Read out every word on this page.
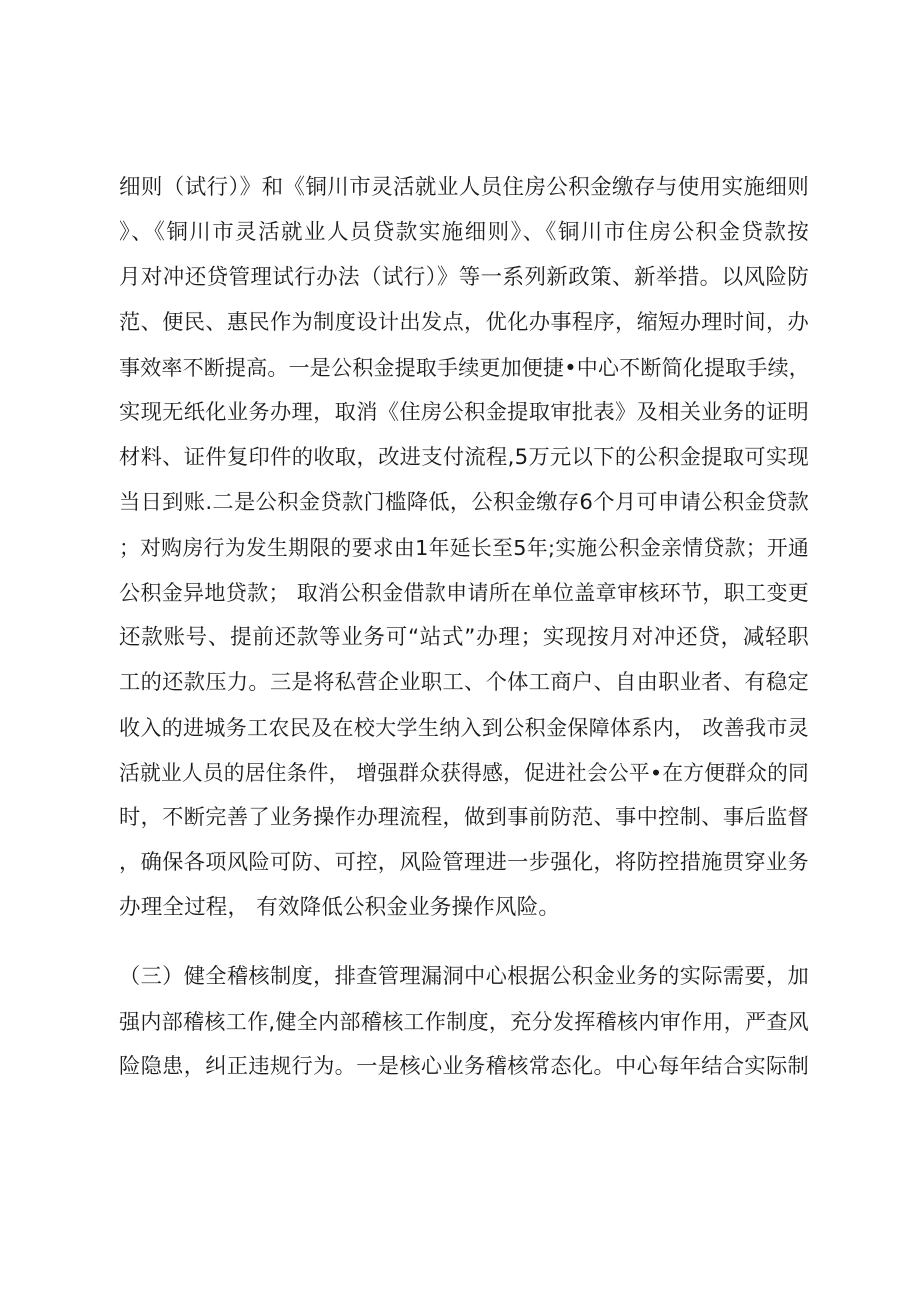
细则（试行）》和《铜川市灵活就业人员住房公积金缴存与使用实施细则
》、《铜川市灵活就业人员贷款实施细则》、《铜川市住房公积金贷款按
月对冲还贷管理试行办法（试行）》等一系列新政策、新举措。以风险防
范、便民、惠民作为制度设计出发点，优化办事程序，缩短办理时间，办
事效率不断提高。一是公积金提取手续更加便捷•中心不断简化提取手续，
实现无纸化业务办理，取消《住房公积金提取审批表》及相关业务的证明
材料、证件复印件的收取，改进支付流程,5万元以下的公积金提取可实现
当日到账.二是公积金贷款门槛降低，公积金缴存6个月可申请公积金贷款
；对购房行为发生期限的要求由1年延长至5年;实施公积金亲情贷款；开通
公积金异地贷款； 取消公积金借款申请所在单位盖章审核环节，职工变更
还款账号、提前还款等业务可“站式”办理；实现按月对冲还贷，减轻职
工的还款压力。三是将私营企业职工、个体工商户、自由职业者、有稳定
收入的进城务工农民及在校大学生纳入到公积金保障体系内， 改善我市灵
活就业人员的居住条件， 增强群众获得感，促进社会公平•在方便群众的同
时，不断完善了业务操作办理流程，做到事前防范、事中控制、事后监督
，确保各项风险可防、可控，风险管理进一步强化，将防控措施贯穿业务
办理全过程， 有效降低公积金业务操作风险。
（三）健全稽核制度，排查管理漏洞中心根据公积金业务的实际需要，加
强内部稽核工作,健全内部稽核工作制度，充分发挥稽核内审作用，严查风
险隐患，纠正违规行为。一是核心业务稽核常态化。中心每年结合实际制
